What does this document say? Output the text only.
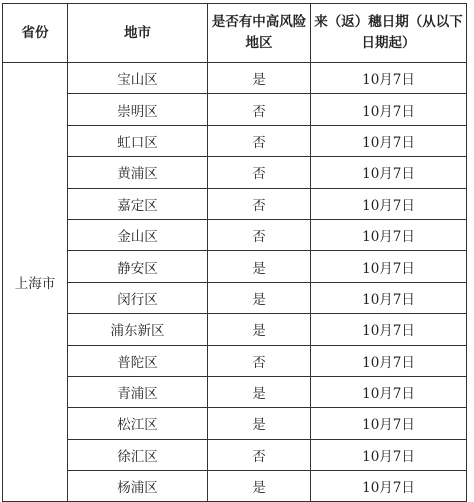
省份	地市	是否有中高风险地区	来（返）穗日期（从以下日期起）
上海市	宝山区	是	10月7日
	崇明区	否	10月7日
	虹口区	否	10月7日
	黄浦区	否	10月7日
	嘉定区	否	10月7日
	金山区	否	10月7日
	静安区	是	10月7日
	闵行区	是	10月7日
	浦东新区	是	10月7日
	普陀区	否	10月7日
	青浦区	是	10月7日
	松江区	是	10月7日
	徐汇区	否	10月7日
	杨浦区	是	10月7日
